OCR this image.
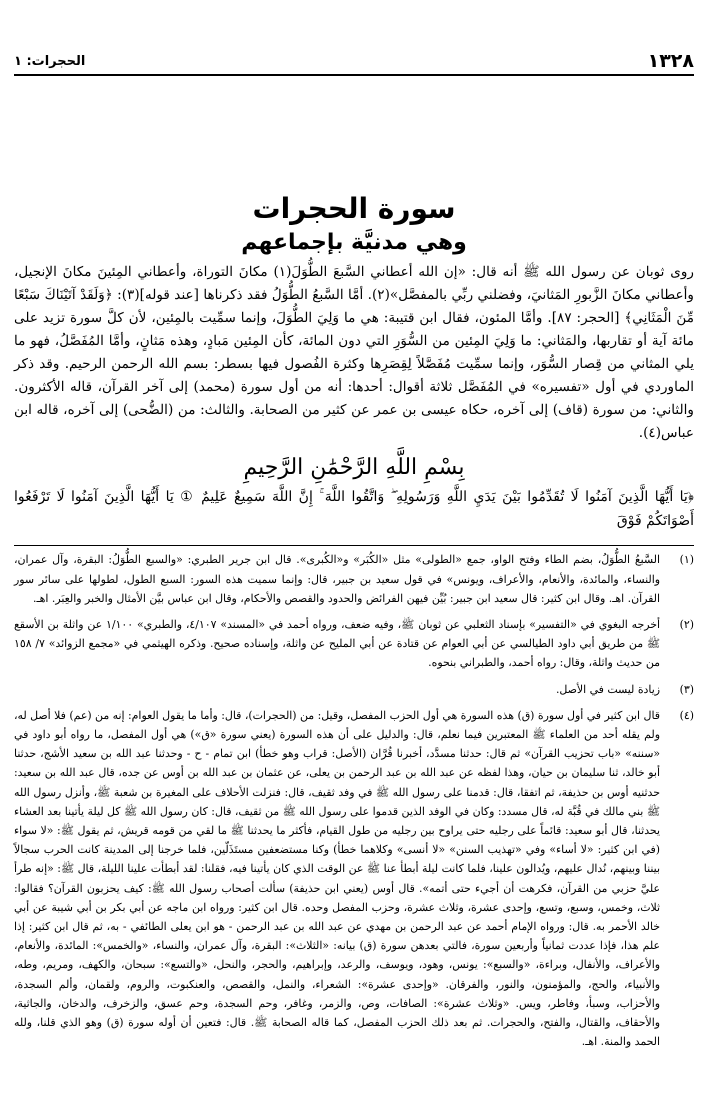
١٣٢٨
الحجرات: ١
سورة الحجرات
وهي مدنيَّة بإجماعهم

روى ثوبان عن رسول الله ﷺ أنه قال: «إن الله أعطاني السَّبعَ الطُّوَلَ(١) مكانَ التوراة، وأعطاني المِئينَ مكانَ الإنجيل، وأعطاني مكانَ الزَّبورِ المَثانيَ، وفضلني ربِّي بالمفصَّل»(٢). أمَّا السَّبعُ الطُّوَلُ فقد ذكرناها [عند قوله](٣): ﴿وَلَقَدْ آتَيْنَاكَ سَبْعًا مِّنَ الْمَثَانِي﴾ [الحجر: ٨٧]. وأمَّا المئون، فقال ابن قتيبة: هي ما وَلِيَ الطُّوَلَ، وإنما سمِّيت بالمِئين، لأن كلَّ سورة تزيد على مائة آية أو تقاربها، والمَثاني: ما وَلِيَ المِئين من السُّوَرِ التي دون المائة، كأن المِئين مَبادٍ، وهذه مَثانٍ، وأمَّا المُفَصَّلُ، فهو ما يلي المثاني من قِصار السُّوَر، وإنما سمِّيت مُفَصَّلاً لِقِصَرِها وكثرة الفُصول فيها بسطر: بسم الله الرحمن الرحيم. وقد ذكر الماوردي في أول «تفسيره» في المُفَصَّل ثلاثة أقوال: أحدها: أنه من أول سورة (محمد) إلى آخر القرآن، قاله الأكثرون. والثاني: من سورة (قاف) إلى آخره، حكاه عيسى بن عمر عن كثير من الصحابة. والثالث: من (الضُّحى) إلى آخره، قاله ابن عباس(٤).

بِسْمِ اللَّهِ الرَّحْمَٰنِ الرَّحِيمِ
﴿يَا أَيُّهَا الَّذِينَ آمَنُوا لَا تُقَدِّمُوا بَيْنَ يَدَيِ اللَّهِ وَرَسُولِهِ ۖ وَاتَّقُوا اللَّهَ ۚ إِنَّ اللَّهَ سَمِيعٌ عَلِيمٌ ① يَا أَيُّهَا الَّذِينَ آمَنُوا لَا تَرْفَعُوا أَصْوَاتَكُمْ فَوْقَ
(١)
السَّبعُ الطُّوَلُ، بضم الطاء وفتح الواو، جمع «الطولى» مثل «الكُبَر» و«الكُبرى». قال ابن جرير الطبري: «والسبع الطُّوَلُ: البقرة، وآل عمران، والنساء، والمائدة، والأنعام، والأعراف، ويونس» في قول سعيد بن جبير، قال: وإنما سميت هذه السور: السبع الطول، لطولها على سائر سور القرآن. اهـ. وقال ابن كثير: قال سعيد ابن جبير: بُيِّن فيهن الفرائض والحدود والقصص والأحكام، وقال ابن عباس بيَّن الأمثال والخبر والعِبَر. اهـ.
(٢)
أخرجه البغوي في «التفسير» بإسناد الثعلبي عن ثوبان ﷺ، وفيه ضعف، ورواه أحمد في «المسند» ٤/١٠٧، والطبري» ١/١٠٠ عن واثلة بن الأسقع ﷺ من طريق أبي داود الطيالسي عن أبي العوام عن قتادة عن أبي المليح عن واثلة، وإسناده صحيح. وذكره الهيثمي في «مجمع الزوائد» ٧/ ١٥٨ من حديث واثلة، وقال: رواه أحمد، والطبراني بنحوه.
(٣)
زيادة ليست في الأصل.
(٤)
قال ابن كثير في أول سورة (ق) هذه السورة هي أول الحزب المفصل، وقيل: من (الحجرات)، قال: وأما ما يقول العوام: إنه من (عم) فلا أصل له، ولم يقله أحد من العلماء ﷺ المعتبرين فيما نعلم، قال: والدليل على أن هذه السورة (يعني سورة «ق») هي أول المفصل، ما رواه أبو داود في «سننه» «باب تحزيب القرآن» ثم قال: حدثنا مسدَّد، أخبرنا قُرَّان (الأصل: قراب وهو خطأ) ابن تمام - ح - وحدثنا عبد الله بن سعيد الأشج، حدثنا أبو خالد، ثنا سليمان بن حيان، وهذا لفظه عن عبد الله بن عبد الرحمن بن يعلى، عن عثمان بن عبد الله بن أوس عن جده، قال عبد الله بن سعيد: حدثنيه أوس بن حذيفة، ثم اتفقا، قال: قدمنا على رسول الله ﷺ في وفد ثقيف، قال: فنزلت الأحلاف على المغيرة بن شعبة ﷺ، وأنزل رسول الله ﷺ بني مالك في قُبَّة له، قال مسدد: وكان في الوفد الذين قدموا على رسول الله ﷺ من ثقيف، قال: كان رسول الله ﷺ كل ليلة يأتينا بعد العشاء يحدثنا، قال أبو سعيد: قائماً على رجليه حتى يراوح بين رجليه من طول القيام، فأكثر ما يحدثنا ﷺ ما لقي من قومه قريش، ثم يقول ﷺ: «لا سواء (في ابن كثير: «لا أساء» وفي «تهذيب السنن» «لا أنسى» وكلاهما خطأ) وكنا مستضعفين مستَذَلّين، فلما خرجنا إلى المدينة كانت الحرب سجالاً بيننا وبينهم، نُدال عليهم، ويُدالون علينا، فلما كانت ليلة أبطأ عنا ﷺ عن الوقت الذي كان يأتينا فيه، فقلنا: لقد أبطأت علينا الليلة، قال ﷺ: «إنه طرأ عليَّ حزبي من القرآن، فكرهت أن أجيء حتى أتمه». قال أوس (يعني ابن حذيفة) سألت أصحاب رسول الله ﷺ: كيف يحزبون القرآن؟ فقالوا: ثلاث، وخمس، وسبع، وتسع، وإحدى عشرة، وثلاث عشرة، وحزب المفصل وحده. قال ابن كثير: ورواه ابن ماجه عن أبي بكر بن أبي شيبة عن أبي خالد الأحمر به. قال: ورواه الإمام أحمد عن عبد الرحمن بن مهدي عن عبد الله بن عبد الرحمن - هو ابن يعلى الطائفي - به، ثم قال ابن كثير: إذا علم هذا، فإذا عددت ثمانياً وأربعين سورة، فالتي بعدهن سورة (ق) بيانه: «الثلاث»: البقرة، وآل عمران، والنساء، «والخمس»: المائدة، والأنعام، والأعراف، والأنفال، وبراءة، «والسبع»: يونس، وهود، ويوسف، والرعد، وإبراهيم، والحجر، والنحل، «والتسع»: سبحان، والكهف، ومريم، وطه، والأنبياء، والحج، والمؤمنون، والنور، والفرقان. «وإحدى عشرة»: الشعراء، والنمل، والقصص، والعنكبوت، والروم، ولقمان، وألم السجدة، والأحزاب، وسبأ، وفاطر، ويس. «وثلاث عشرة»: الصافات، وص، والزمر، وغافر، وحم السجدة، وحم عسق، والزخرف، والدخان، والجاثية، والأحقاف، والقتال، والفتح، والحجرات. ثم بعد ذلك الحزب المفصل، كما قاله الصحابة ﷺ. قال: فتعين أن أوله سورة (ق) وهو الذي قلنا، ولله الحمد والمنة. اهـ.
